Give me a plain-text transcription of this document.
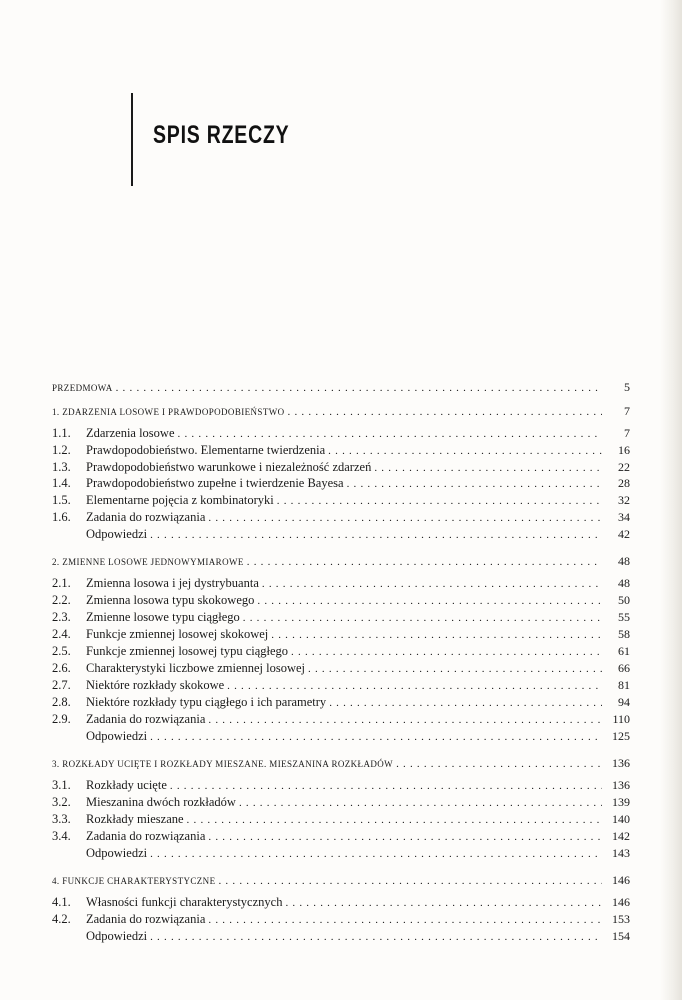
SPIS RZECZY
PRZEDMOWA .....	5
1. ZDARZENIA LOSOWE I PRAWDOPODOBIEŃSTWO .....	7
1.1.	Zdarzenia losowe .....	7
1.2.	Prawdopodobieństwo. Elementarne twierdzenia .....	16
1.3.	Prawdopodobieństwo warunkowe i niezależność zdarzeń .....	22
1.4.	Prawdopodobieństwo zupełne i twierdzenie Bayesa .....	28
1.5.	Elementarne pojęcia z kombinatoryki .....	32
1.6.	Zadania do rozwiązania .....	34
Odpowiedzi .....	42
2. ZMIENNE LOSOWE JEDNOWYMIAROWE .....	48
2.1.	Zmienna losowa i jej dystrybuanta .....	48
2.2.	Zmienna losowa typu skokowego .....	50
2.3.	Zmienne losowe typu ciągłego .....	55
2.4.	Funkcje zmiennej losowej skokowej .....	58
2.5.	Funkcje zmiennej losowej typu ciągłego .....	61
2.6.	Charakterystyki liczbowe zmiennej losowej .....	66
2.7.	Niektóre rozkłady skokowe .....	81
2.8.	Niektóre rozkłady typu ciągłego i ich parametry .....	94
2.9.	Zadania do rozwiązania .....	110
Odpowiedzi .....	125
3. ROZKŁADY UCIĘTE I ROZKŁADY MIESZANE. MIESZANINA ROZKŁADÓW .....	136
3.1.	Rozkłady ucięte .....	136
3.2.	Mieszanina dwóch rozkładów .....	139
3.3.	Rozkłady mieszane .....	140
3.4.	Zadania do rozwiązania .....	142
Odpowiedzi .....	143
4. FUNKCJE CHARAKTERYSTYCZNE .....	146
4.1.	Własności funkcji charakterystycznych .....	146
4.2.	Zadania do rozwiązania .....	153
Odpowiedzi .....	154
